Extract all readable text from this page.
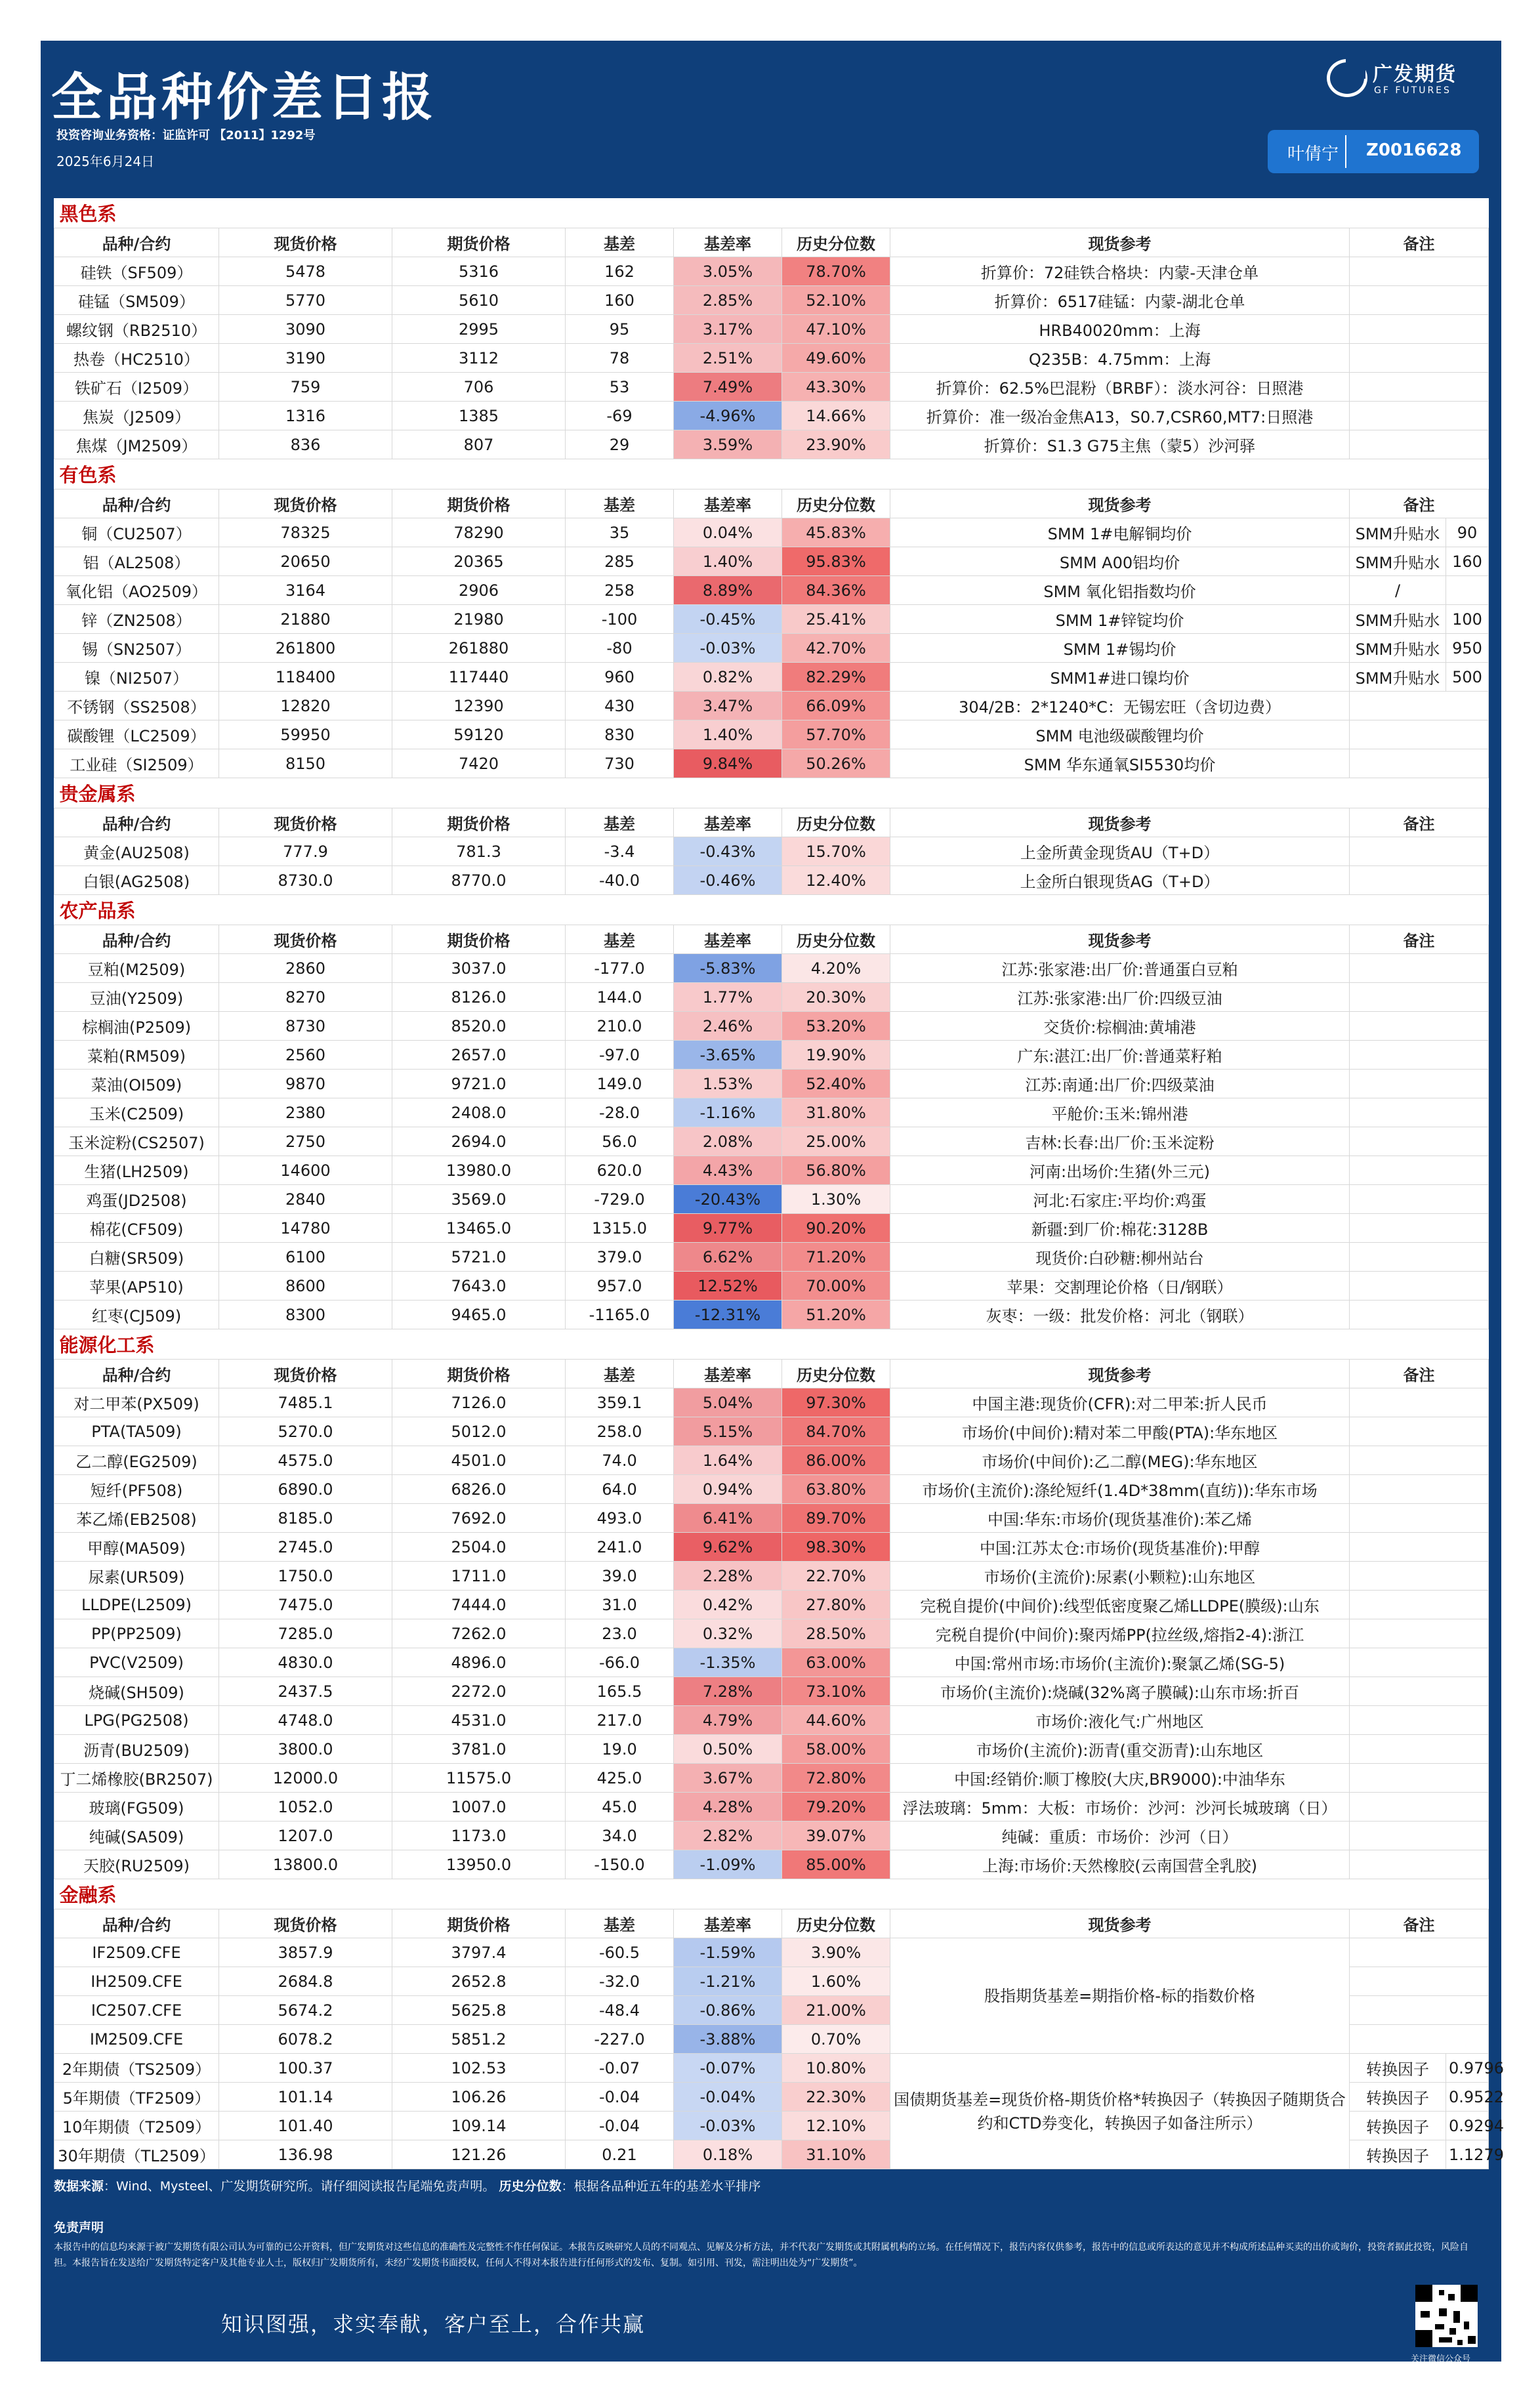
全品种价差日报
投资咨询业务资格：证监许可 【2011】1292号
2025年6月24日
广发期货
GF FUTURES
叶倩宁 Z0016628
黑色系								
品种/合约	现货价格	期货价格	基差	基差率	历史分位数	现货参考	备注	
硅铁（SF509）	5478	5316	162	3.05%	78.70%	折算价：72硅铁合格块：内蒙-天津仓单		
硅锰（SM509）	5770	5610	160	2.85%	52.10%	折算价：6517硅锰：内蒙-湖北仓单		
螺纹钢（RB2510）	3090	2995	95	3.17%	47.10%	HRB40020mm：上海		
热卷（HC2510）	3190	3112	78	2.51%	49.60%	Q235B：4.75mm：上海		
铁矿石（I2509）	759	706	53	7.49%	43.30%	折算价：62.5%巴混粉（BRBF）：淡水河谷：日照港		
焦炭（J2509）	1316	1385	-69	-4.96%	14.66%	折算价：准一级冶金焦A13，S0.7,CSR60,MT7:日照港		
焦煤（JM2509）	836	807	29	3.59%	23.90%	折算价：S1.3 G75主焦（蒙5）沙河驿		
有色系								
品种/合约	现货价格	期货价格	基差	基差率	历史分位数	现货参考	备注	
铜（CU2507）	78325	78290	35	0.04%	45.83%	SMM 1#电解铜均价	SMM升贴水	90
铝（AL2508）	20650	20365	285	1.40%	95.83%	SMM A00铝均价	SMM升贴水	160
氧化铝（AO2509）	3164	2906	258	8.89%	84.36%	SMM 氧化铝指数均价	/	
锌（ZN2508）	21880	21980	-100	-0.45%	25.41%	SMM 1#锌锭均价	SMM升贴水	100
锡（SN2507）	261800	261880	-80	-0.03%	42.70%	SMM 1#锡均价	SMM升贴水	950
镍（NI2507）	118400	117440	960	0.82%	82.29%	SMM1#进口镍均价	SMM升贴水	500
不锈钢（SS2508）	12820	12390	430	3.47%	66.09%	304/2B：2*1240*C：无锡宏旺（含切边费）		
碳酸锂（LC2509）	59950	59120	830	1.40%	57.70%	SMM 电池级碳酸锂均价		
工业硅（SI2509）	8150	7420	730	9.84%	50.26%	SMM 华东通氧SI5530均价		
贵金属系								
品种/合约	现货价格	期货价格	基差	基差率	历史分位数	现货参考	备注	
黄金(AU2508)	777.9	781.3	-3.4	-0.43%	15.70%	上金所黄金现货AU（T+D）		
白银(AG2508)	8730.0	8770.0	-40.0	-0.46%	12.40%	上金所白银现货AG（T+D）		
农产品系								
品种/合约	现货价格	期货价格	基差	基差率	历史分位数	现货参考	备注	
豆粕(M2509)	2860	3037.0	-177.0	-5.83%	4.20%	江苏:张家港:出厂价:普通蛋白豆粕		
豆油(Y2509)	8270	8126.0	144.0	1.77%	20.30%	江苏:张家港:出厂价:四级豆油		
棕榈油(P2509)	8730	8520.0	210.0	2.46%	53.20%	交货价:棕榈油:黄埔港		
菜粕(RM509)	2560	2657.0	-97.0	-3.65%	19.90%	广东:湛江:出厂价:普通菜籽粕		
菜油(OI509)	9870	9721.0	149.0	1.53%	52.40%	江苏:南通:出厂价:四级菜油		
玉米(C2509)	2380	2408.0	-28.0	-1.16%	31.80%	平舱价:玉米:锦州港		
玉米淀粉(CS2507)	2750	2694.0	56.0	2.08%	25.00%	吉林:长春:出厂价:玉米淀粉		
生猪(LH2509)	14600	13980.0	620.0	4.43%	56.80%	河南:出场价:生猪(外三元)		
鸡蛋(JD2508)	2840	3569.0	-729.0	-20.43%	1.30%	河北:石家庄:平均价:鸡蛋		
棉花(CF509)	14780	13465.0	1315.0	9.77%	90.20%	新疆:到厂价:棉花:3128B		
白糖(SR509)	6100	5721.0	379.0	6.62%	71.20%	现货价:白砂糖:柳州站台		
苹果(AP510)	8600	7643.0	957.0	12.52%	70.00%	苹果：交割理论价格（日/钢联）		
红枣(CJ509)	8300	9465.0	-1165.0	-12.31%	51.20%	灰枣：一级：批发价格：河北（钢联）		
能源化工系								
品种/合约	现货价格	期货价格	基差	基差率	历史分位数	现货参考	备注	
对二甲苯(PX509)	7485.1	7126.0	359.1	5.04%	97.30%	中国主港:现货价(CFR):对二甲苯:折人民币		
PTA(TA509)	5270.0	5012.0	258.0	5.15%	84.70%	市场价(中间价):精对苯二甲酸(PTA):华东地区		
乙二醇(EG2509)	4575.0	4501.0	74.0	1.64%	86.00%	市场价(中间价):乙二醇(MEG):华东地区		
短纤(PF508)	6890.0	6826.0	64.0	0.94%	63.80%	市场价(主流价):涤纶短纤(1.4D*38mm(直纺)):华东市场		
苯乙烯(EB2508)	8185.0	7692.0	493.0	6.41%	89.70%	中国:华东:市场价(现货基准价):苯乙烯		
甲醇(MA509)	2745.0	2504.0	241.0	9.62%	98.30%	中国:江苏太仓:市场价(现货基准价):甲醇		
尿素(UR509)	1750.0	1711.0	39.0	2.28%	22.70%	市场价(主流价):尿素(小颗粒):山东地区		
LLDPE(L2509)	7475.0	7444.0	31.0	0.42%	27.80%	完税自提价(中间价):线型低密度聚乙烯LLDPE(膜级):山东		
PP(PP2509)	7285.0	7262.0	23.0	0.32%	28.50%	完税自提价(中间价):聚丙烯PP(拉丝级,熔指2-4):浙江		
PVC(V2509)	4830.0	4896.0	-66.0	-1.35%	63.00%	中国:常州市场:市场价(主流价):聚氯乙烯(SG-5)		
烧碱(SH509)	2437.5	2272.0	165.5	7.28%	73.10%	市场价(主流价):烧碱(32%离子膜碱):山东市场:折百		
LPG(PG2508)	4748.0	4531.0	217.0	4.79%	44.60%	市场价:液化气:广州地区		
沥青(BU2509)	3800.0	3781.0	19.0	0.50%	58.00%	市场价(主流价):沥青(重交沥青):山东地区		
丁二烯橡胶(BR2507)	12000.0	11575.0	425.0	3.67%	72.80%	中国:经销价:顺丁橡胶(大庆,BR9000):中油华东		
玻璃(FG509)	1052.0	1007.0	45.0	4.28%	79.20%	浮法玻璃：5mm：大板：市场价：沙河：沙河长城玻璃（日）		
纯碱(SA509)	1207.0	1173.0	34.0	2.82%	39.07%	纯碱：重质：市场价：沙河（日）		
天胶(RU2509)	13800.0	13950.0	-150.0	-1.09%	85.00%	上海:市场价:天然橡胶(云南国营全乳胶)		
金融系								
品种/合约	现货价格	期货价格	基差	基差率	历史分位数	现货参考	备注	
IF2509.CFE	3857.9	3797.4	-60.5	-1.59%	3.90%	股指期货基差=期指价格-标的指数价格		
IH2509.CFE	2684.8	2652.8	-32.0	-1.21%	1.60%			
IC2507.CFE	5674.2	5625.8	-48.4	-0.86%	21.00%			
IM2509.CFE	6078.2	5851.2	-227.0	-3.88%	0.70%			
2年期债（TS2509）	100.37	102.53	-0.07	-0.07%	10.80%	国债期货基差=现货价格-期货价格*转换因子（转换因子随期货合约和CTD券变化，转换因子如备注所示）	转换因子	0.9796
5年期债（TF2509）	101.14	106.26	-0.04	-0.04%	22.30%		转换因子	0.9522
10年期债（T2509）	101.40	109.14	-0.04	-0.03%	12.10%		转换因子	0.9294
30年期债（TL2509）	136.98	121.26	0.21	0.18%	31.10%		转换因子	1.1279
数据来源：Wind、Mysteel、广发期货研究所。请仔细阅读报告尾端免责声明。 历史分位数：根据各品种近五年的基差水平排序
免责声明
本报告中的信息均来源于被广发期货有限公司认为可靠的已公开资料，但广发期货对这些信息的准确性及完整性不作任何保证。本报告反映研究人员的不同观点、见解及分析方法，并不代表广发期货或其附属机构的立场。在任何情况下，报告内容仅供参考，报告中的信息或所表达的意见并不构成所述品种买卖的出价或询价，投资者据此投资，风险自担。本报告旨在发送给广发期货特定客户及其他专业人士，版权归广发期货所有，未经广发期货书面授权，任何人不得对本报告进行任何形式的发布、复制。如引用、刊发，需注明出处为“广发期货”。
知识图强，求实奉献，客户至上，合作共赢
关注微信公众号
